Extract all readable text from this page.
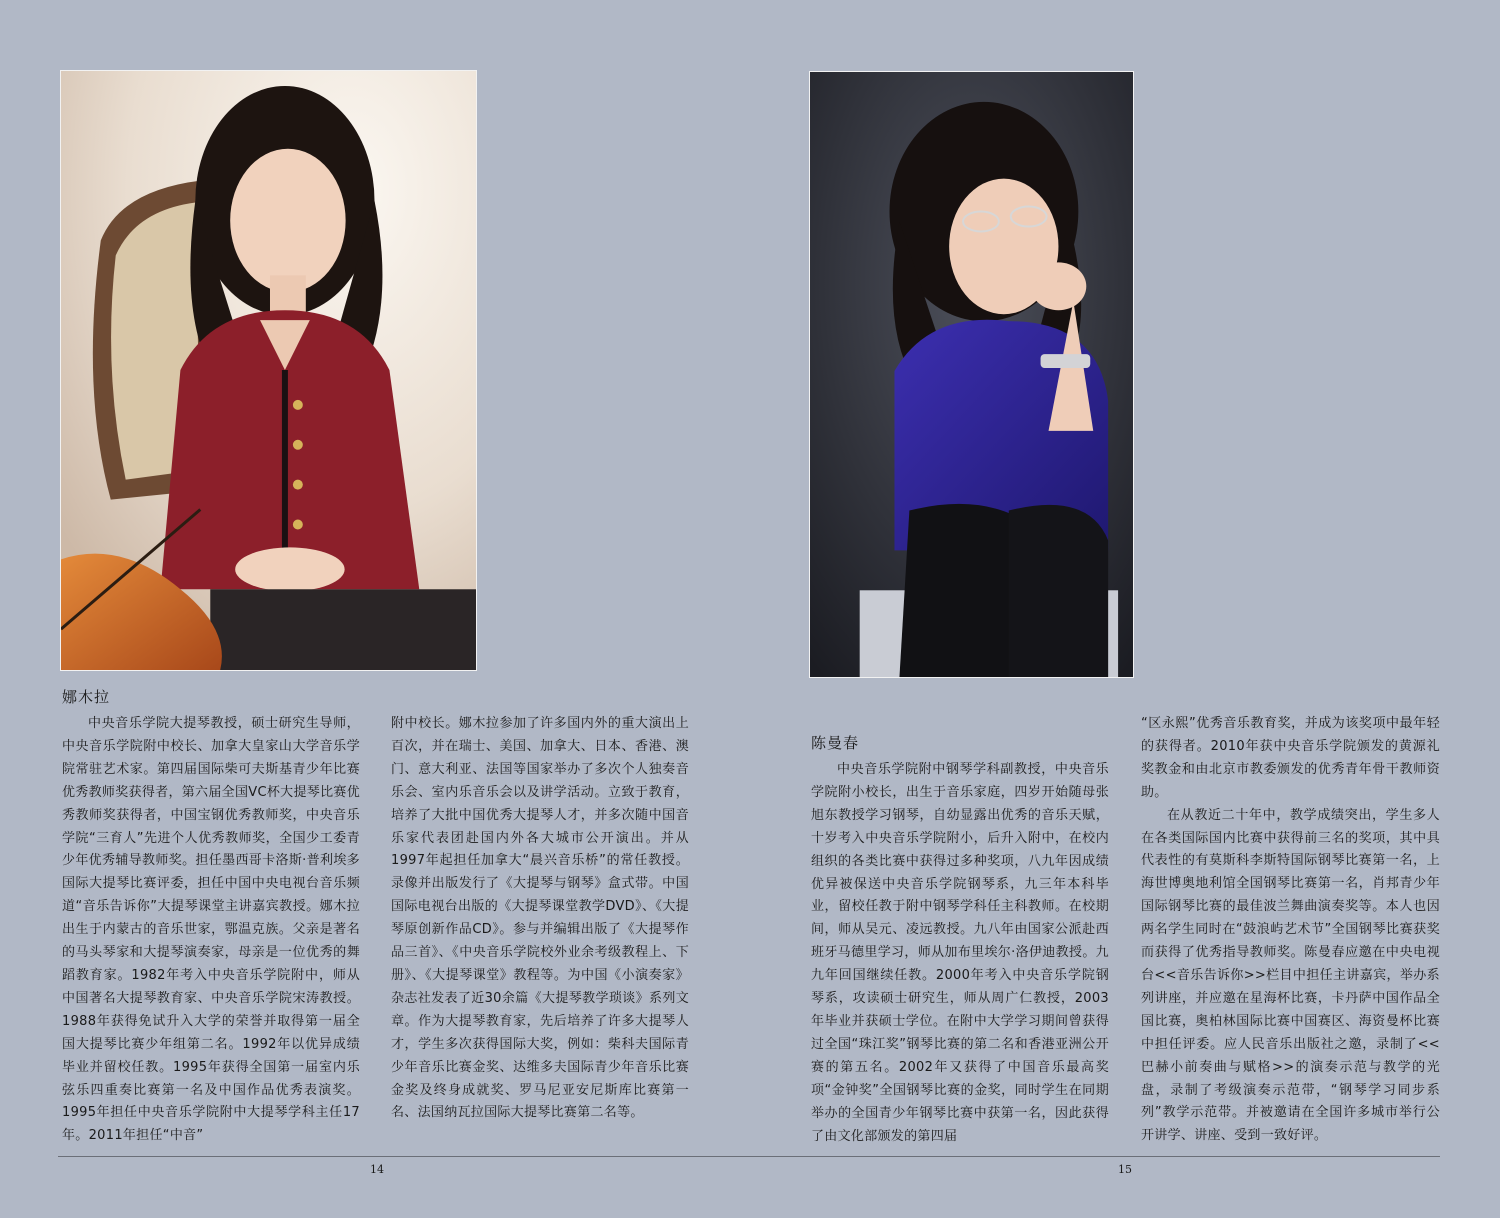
娜木拉

中央音乐学院大提琴教授，硕士研究生导师，中央音乐学院附中校长、加拿大皇家山大学音乐学院常驻艺术家。第四届国际柴可夫斯基青少年比赛优秀教师奖获得者，第六届全国VC杯大提琴比赛优秀教师奖获得者，中国宝钢优秀教师奖，中央音乐学院“三育人”先进个人优秀教师奖，全国少工委青少年优秀辅导教师奖。担任墨西哥卡洛斯·普利埃多国际大提琴比赛评委，担任中国中央电视台音乐频道“音乐告诉你”大提琴课堂主讲嘉宾教授。娜木拉出生于内蒙古的音乐世家，鄂温克族。父亲是著名的马头琴家和大提琴演奏家，母亲是一位优秀的舞蹈教育家。1982年考入中央音乐学院附中，师从中国著名大提琴教育家、中央音乐学院宋涛教授。1988年获得免试升入大学的荣誉并取得第一届全国大提琴比赛少年组第二名。1992年以优异成绩毕业并留校任教。1995年获得全国第一届室内乐弦乐四重奏比赛第一名及中国作品优秀表演奖。1995年担任中央音乐学院附中大提琴学科主任17年。2011年担任“中音”

附中校长。娜木拉参加了许多国内外的重大演出上百次，并在瑞士、美国、加拿大、日本、香港、澳门、意大利亚、法国等国家举办了多次个人独奏音乐会、室内乐音乐会以及讲学活动。立致于教育，培养了大批中国优秀大提琴人才，并多次随中国音乐家代表团赴国内外各大城市公开演出。并从1997年起担任加拿大“晨兴音乐桥”的常任教授。录像并出版发行了《大提琴与钢琴》盒式带。中国国际电视台出版的《大提琴课堂教学DVD》、《大提琴原创新作品CD》。参与并编辑出版了《大提琴作品三首》、《中央音乐学院校外业余考级教程上、下册》、《大提琴课堂》教程等。为中国《小演奏家》杂志社发表了近30余篇《大提琴教学琐谈》系列文章。作为大提琴教育家，先后培养了许多大提琴人才，学生多次获得国际大奖，例如：柴科夫国际青少年音乐比赛金奖、达维多夫国际青少年音乐比赛金奖及终身成就奖、罗马尼亚安尼斯库比赛第一名、法国纳瓦拉国际大提琴比赛第二名等。

陈曼春

中央音乐学院附中钢琴学科副教授，中央音乐学院附小校长，出生于音乐家庭，四岁开始随母张旭东教授学习钢琴，自幼显露出优秀的音乐天赋，十岁考入中央音乐学院附小，后升入附中，在校内组织的各类比赛中获得过多种奖项，八九年因成绩优异被保送中央音乐学院钢琴系，九三年本科毕业，留校任教于附中钢琴学科任主科教师。在校期间，师从吴元、凌远教授。九八年由国家公派赴西班牙马德里学习，师从加布里埃尔·洛伊迪教授。九九年回国继续任教。2000年考入中央音乐学院钢琴系，攻读硕士研究生，师从周广仁教授，2003年毕业并获硕士学位。在附中大学学习期间曾获得过全国“珠江奖”钢琴比赛的第二名和香港亚洲公开赛的第五名。2002年又获得了中国音乐最高奖项“金钟奖”全国钢琴比赛的金奖，同时学生在同期举办的全国青少年钢琴比赛中获第一名，因此获得了由文化部颁发的第四届

“区永熙”优秀音乐教育奖，并成为该奖项中最年轻的获得者。2010年获中央音乐学院颁发的黄源礼奖教金和由北京市教委颁发的优秀青年骨干教师资助。

在从教近二十年中，教学成绩突出，学生多人在各类国际国内比赛中获得前三名的奖项，其中具代表性的有莫斯科李斯特国际钢琴比赛第一名，上海世博奥地利馆全国钢琴比赛第一名，肖邦青少年国际钢琴比赛的最佳波兰舞曲演奏奖等。本人也因两名学生同时在“鼓浪屿艺术节”全国钢琴比赛获奖而获得了优秀指导教师奖。陈曼春应邀在中央电视台<<音乐告诉你>>栏目中担任主讲嘉宾，举办系列讲座，并应邀在星海杯比赛，卡丹萨中国作品全国比赛，奥柏林国际比赛中国赛区、海资曼杯比赛中担任评委。应人民音乐出版社之邀，录制了<<巴赫小前奏曲与赋格>>的演奏示范与教学的光盘，录制了考级演奏示范带，“钢琴学习同步系列”教学示范带。并被邀请在全国许多城市举行公开讲学、讲座、受到一致好评。

14	15
